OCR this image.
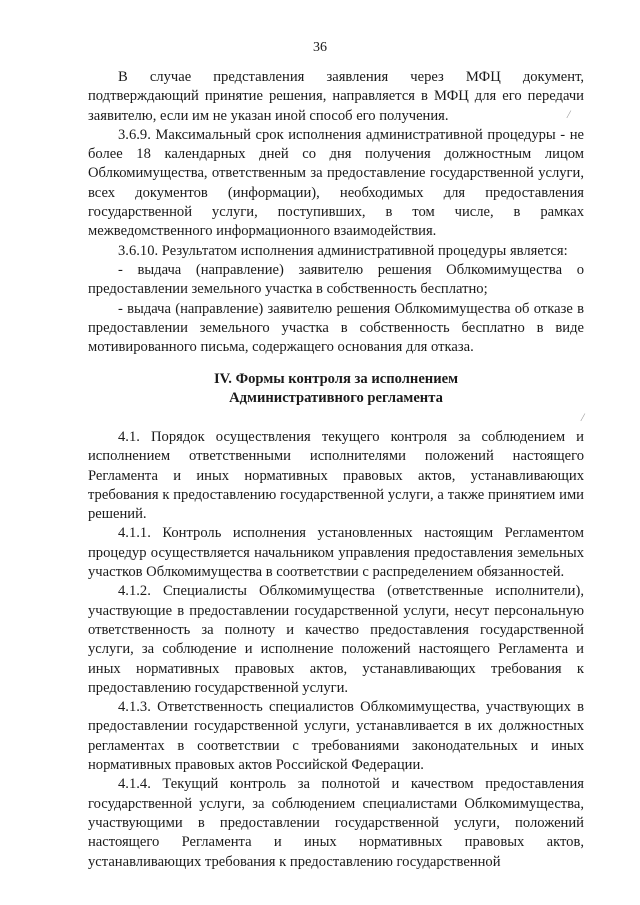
36

В случае представления заявления через МФЦ документ, подтверждающий принятие решения, направляется в МФЦ для его передачи заявителю, если им не указан иной способ его получения.

3.6.9. Максимальный срок исполнения административной процедуры - не более 18 календарных дней со дня получения должностным лицом Облкомимущества, ответственным за предоставление государственной услуги, всех документов (информации), необходимых для предоставления государственной услуги, поступивших, в том числе, в рамках межведомственного информационного взаимодействия.

3.6.10. Результатом исполнения административной процедуры является:

- выдача (направление) заявителю решения Облкомимущества о предоставлении земельного участка в собственность бесплатно;

- выдача (направление) заявителю решения Облкомимущества об отказе в предоставлении земельного участка в собственность бесплатно в виде мотивированного письма, содержащего основания для отказа.

IV. Формы контроля за исполнением

Административного регламента

4.1. Порядок осуществления текущего контроля за соблюдением и исполнением ответственными исполнителями положений настоящего Регламента и иных нормативных правовых актов, устанавливающих требования к предоставлению государственной услуги, а также принятием ими решений.

4.1.1. Контроль исполнения установленных настоящим Регламентом процедур осуществляется начальником управления предоставления земельных участков Облкомимущества в соответствии с распределением обязанностей.

4.1.2. Специалисты Облкомимущества (ответственные исполнители), участвующие в предоставлении государственной услуги, несут персональную ответственность за полноту и качество предоставления государственной услуги, за соблюдение и исполнение положений настоящего Регламента и иных нормативных правовых актов, устанавливающих требования к предоставлению государственной услуги.

4.1.3. Ответственность специалистов Облкомимущества, участвующих в предоставлении государственной услуги, устанавливается в их должностных регламентах в соответствии с требованиями законодательных и иных нормативных правовых актов Российской Федерации.

4.1.4. Текущий контроль за полнотой и качеством предоставления государственной услуги, за соблюдением специалистами Облкомимущества, участвующими в предоставлении государственной услуги, положений настоящего Регламента и иных нормативных правовых актов, устанавливающих требования к предоставлению государственной

/
/
